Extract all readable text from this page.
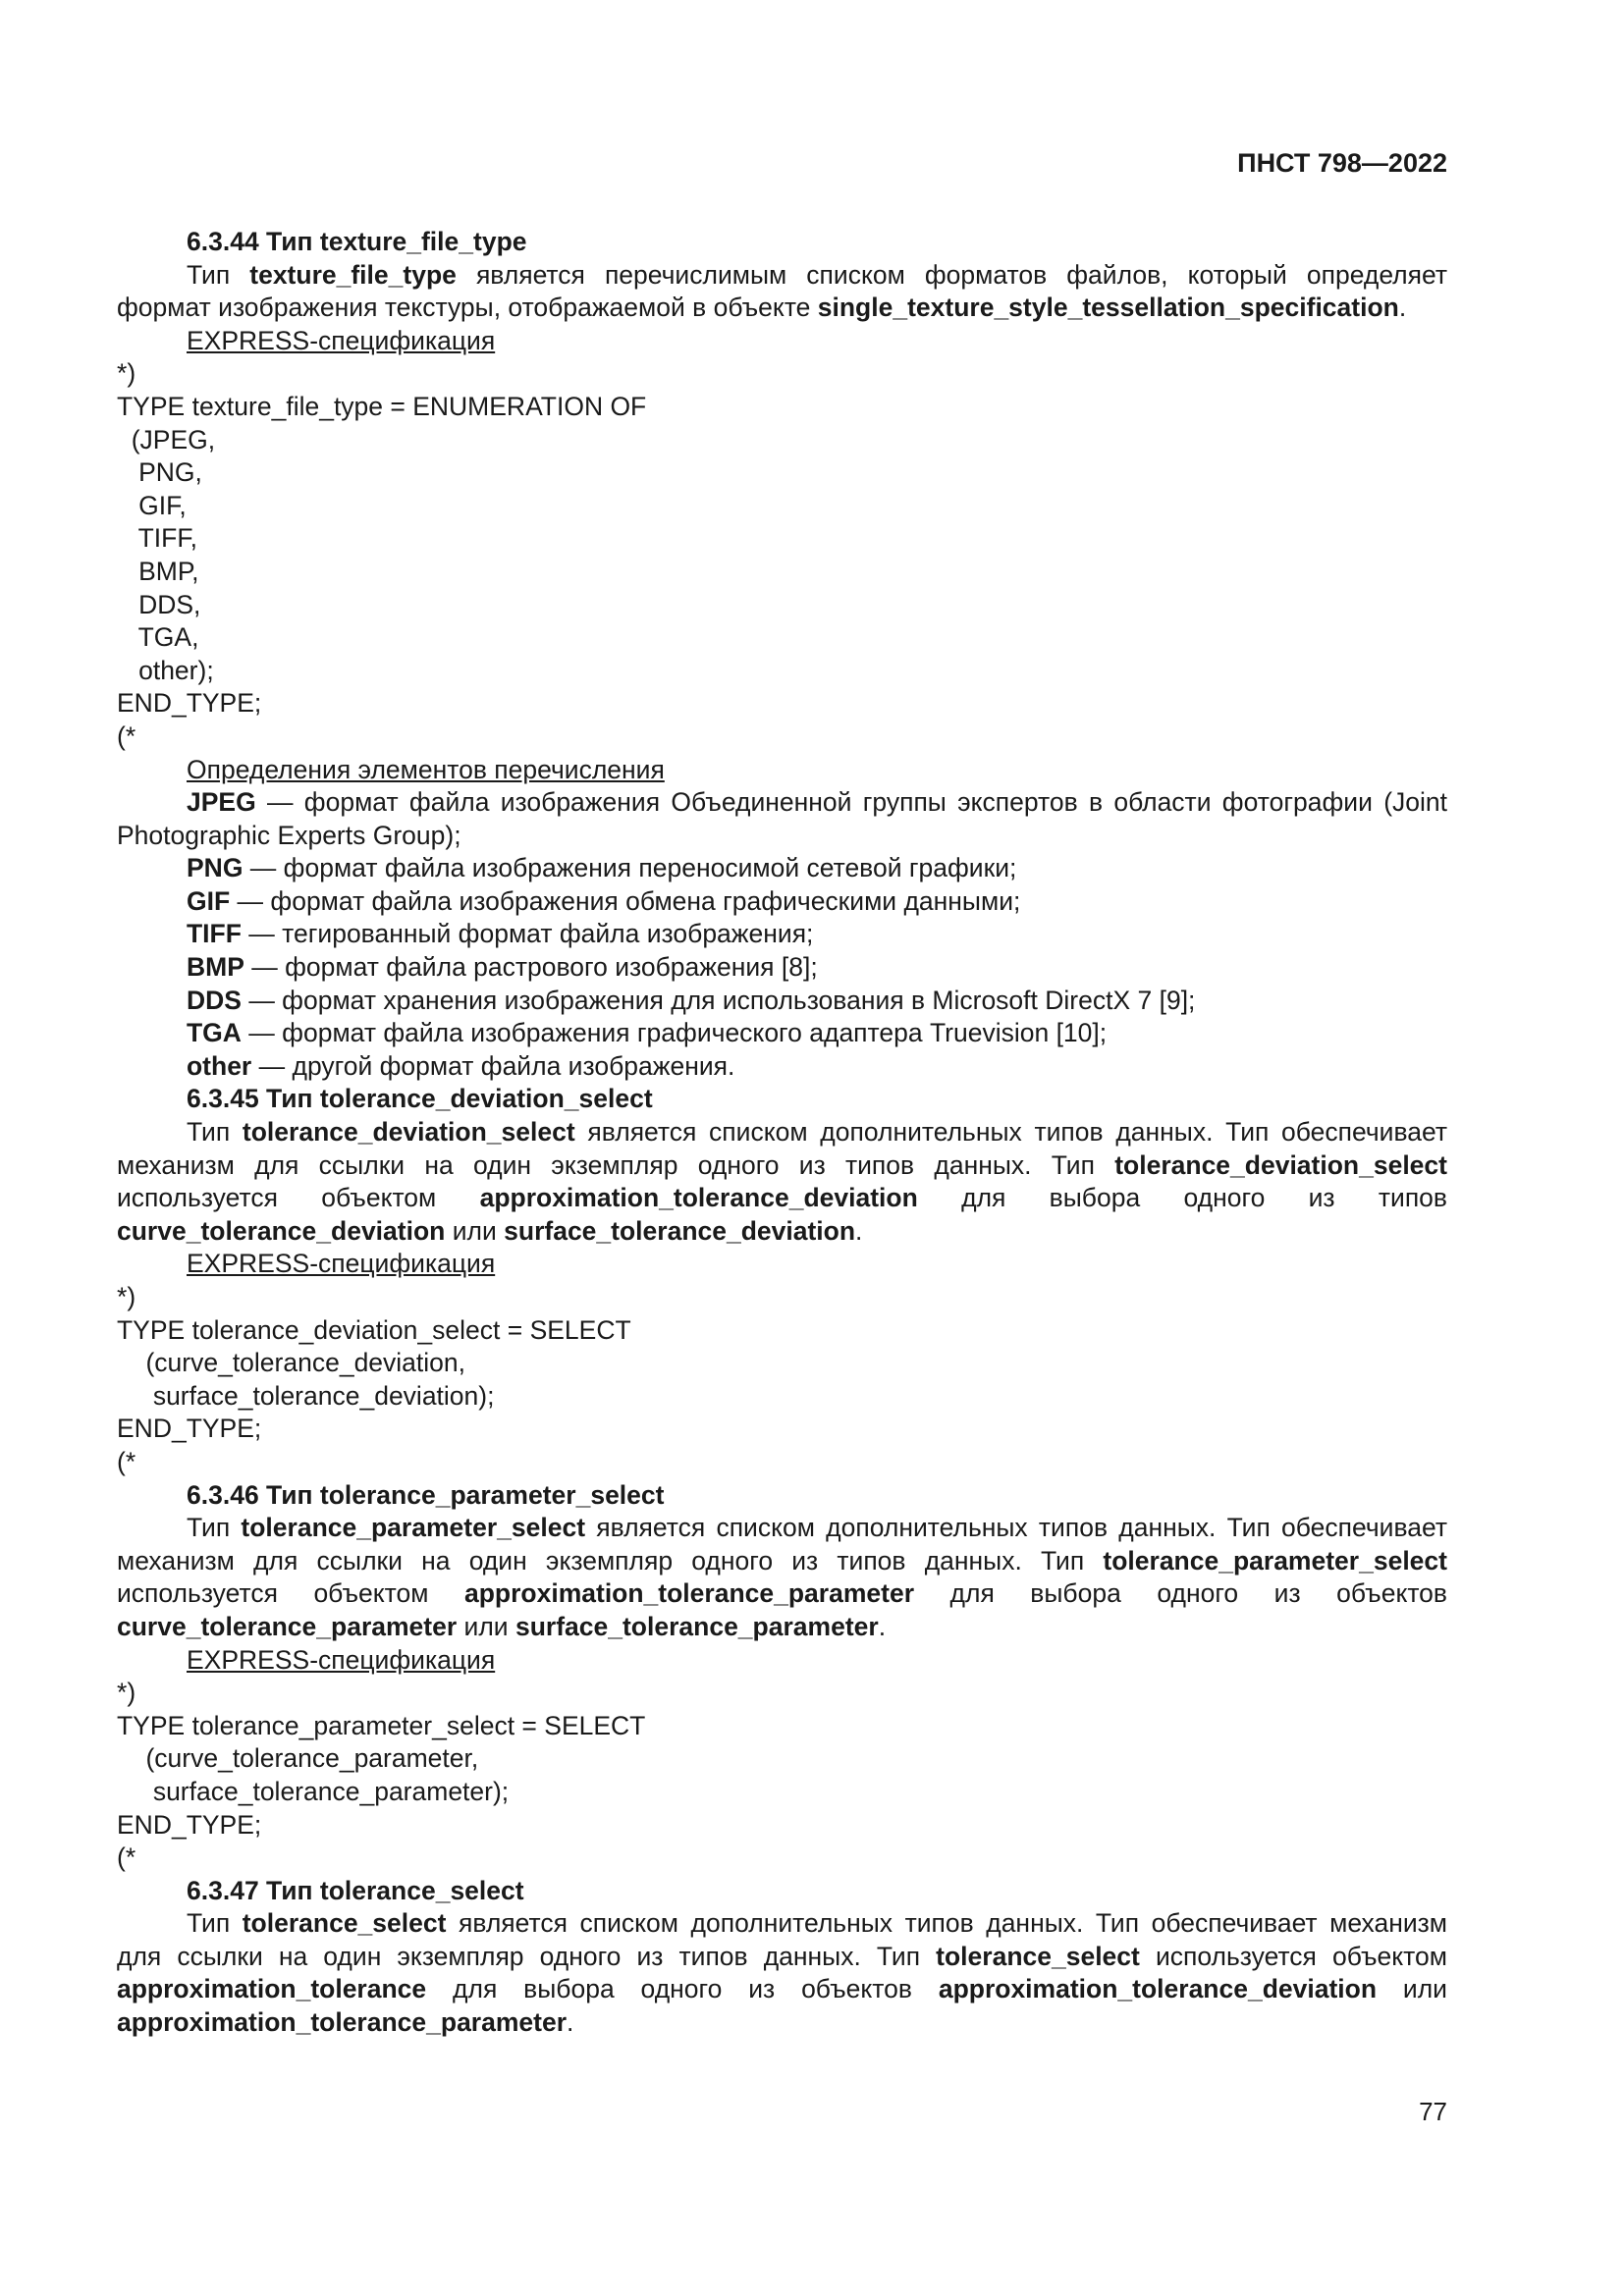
ПНСТ 798—2022

6.3.44 Тип texture_file_type

Тип texture_file_type является перечислимым списком форматов файлов, который определяет формат изображения текстуры, отображаемой в объекте single_texture_style_tessellation_specification.

EXPRESS-спецификация

*)

TYPE texture_file_type = ENUMERATION OF

(JPEG,

PNG,

GIF,

TIFF,

BMP,

DDS,

TGA,

other);

END_TYPE;

(*

Определения элементов перечисления

JPEG — формат файла изображения Объединенной группы экспертов в области фотографии (Joint Photographic Experts Group);

PNG — формат файла изображения переносимой сетевой графики;

GIF — формат файла изображения обмена графическими данными;

TIFF — тегированный формат файла изображения;

BMP — формат файла растрового изображения [8];

DDS — формат хранения изображения для использования в Microsoft DirectX 7 [9];

TGA — формат файла изображения графического адаптера Truevision [10];

other — другой формат файла изображения.

6.3.45 Тип tolerance_deviation_select

Тип tolerance_deviation_select является списком дополнительных типов данных. Тип обеспечивает механизм для ссылки на один экземпляр одного из типов данных. Тип tolerance_deviation_select используется объектом approximation_tolerance_deviation для выбора одного из типов curve_tolerance_deviation или surface_tolerance_deviation.

EXPRESS-спецификация

*)

TYPE tolerance_deviation_select = SELECT

(curve_tolerance_deviation,

surface_tolerance_deviation);

END_TYPE;

(*

6.3.46 Тип tolerance_parameter_select

Тип tolerance_parameter_select является списком дополнительных типов данных. Тип обеспечивает механизм для ссылки на один экземпляр одного из типов данных. Тип tolerance_parameter_select используется объектом approximation_tolerance_parameter для выбора одного из объектов curve_tolerance_parameter или surface_tolerance_parameter.

EXPRESS-спецификация

*)

TYPE tolerance_parameter_select = SELECT

(curve_tolerance_parameter,

surface_tolerance_parameter);

END_TYPE;

(*

6.3.47 Тип tolerance_select

Тип tolerance_select является списком дополнительных типов данных. Тип обеспечивает механизм для ссылки на один экземпляр одного из типов данных. Тип tolerance_select используется объектом approximation_tolerance для выбора одного из объектов approximation_tolerance_deviation или approximation_tolerance_parameter.

77
